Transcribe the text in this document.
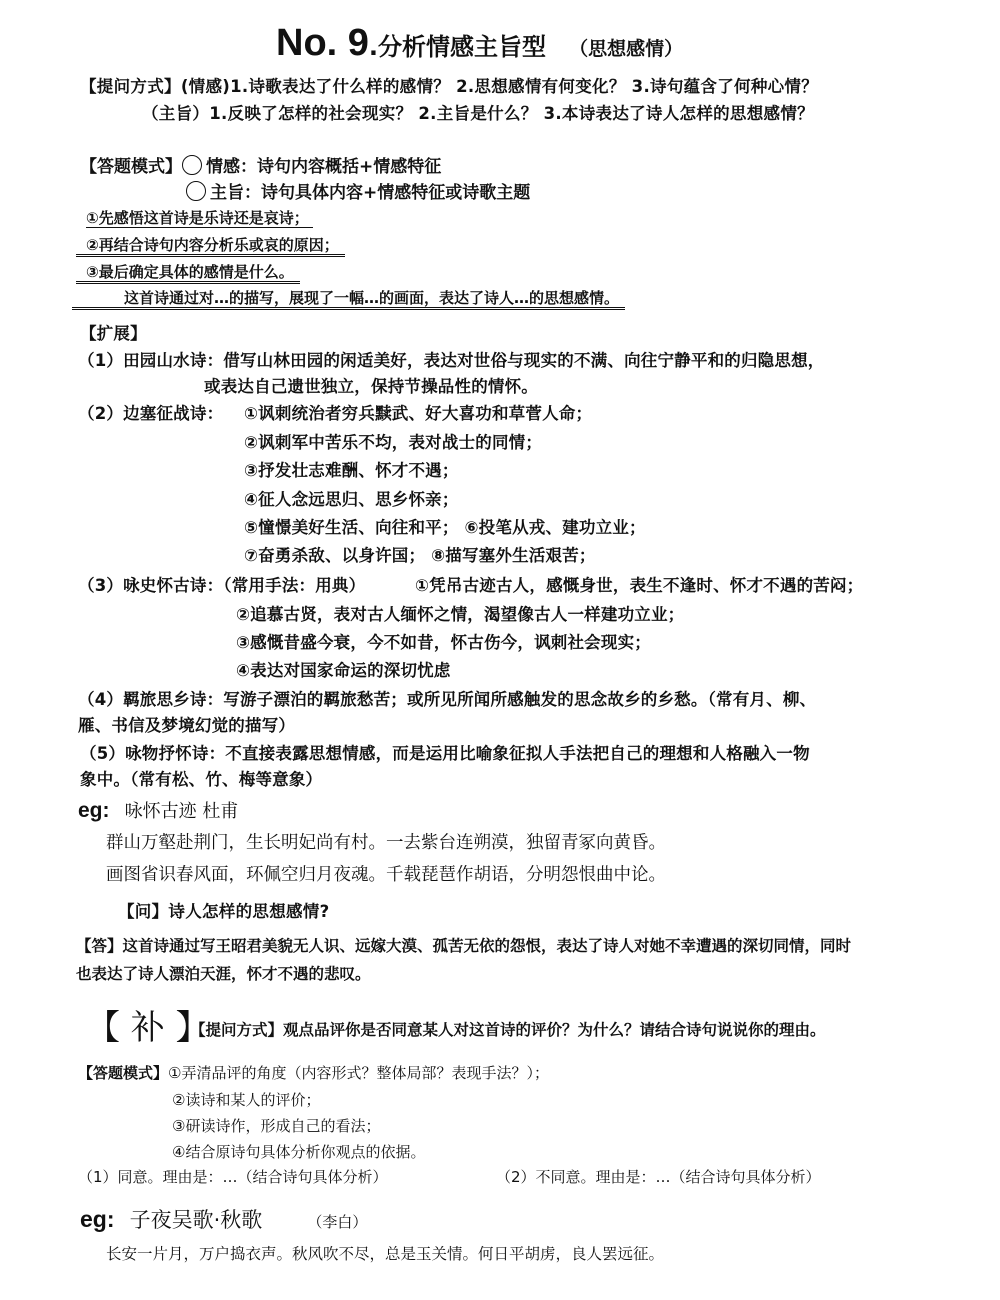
No. 9.分析情感主旨型 （思想感情）
【提问方式】(情感)1.诗歌表达了什么样的感情？ 2.思想感情有何变化？ 3.诗句蕴含了何种心情？
（主旨）1.反映了怎样的社会现实？ 2.主旨是什么？ 3.本诗表达了诗人怎样的思想感情？
【答题模式】 情感：诗句内容概括+情感特征
主旨：诗句具体内容+情感特征或诗歌主题
①先感悟这首诗是乐诗还是哀诗；
②再结合诗句内容分析乐或哀的原因；
③最后确定具体的感情是什么。
这首诗通过对…的描写，展现了一幅…的画面，表达了诗人…的思想感情。
【扩展】
（1）田园山水诗：借写山林田园的闲适美好，表达对世俗与现实的不满、向往宁静平和的归隐思想，
或表达自己遗世独立，保持节操品性的情怀。
（2）边塞征战诗： ①讽刺统治者穷兵黩武、好大喜功和草菅人命；
②讽刺军中苦乐不均，表对战士的同情；
③抒发壮志难酬、怀才不遇；
④征人念远思归、思乡怀亲；
⑤憧憬美好生活、向往和平； ⑥投笔从戎、建功立业；
⑦奋勇杀敌、以身许国； ⑧描写塞外生活艰苦；
（3）咏史怀古诗：（常用手法：用典）	①凭吊古迹古人，感慨身世，表生不逢时、怀才不遇的苦闷；
②追慕古贤，表对古人缅怀之情，渴望像古人一样建功立业；
③感慨昔盛今衰，今不如昔，怀古伤今，讽刺社会现实；
④表达对国家命运的深切忧虑
（4）羁旅思乡诗：写游子漂泊的羁旅愁苦；或所见所闻所感触发的思念故乡的乡愁。（常有月、柳、
雁、书信及梦境幻觉的描写）
（5）咏物抒怀诗：不直接表露思想情感，而是运用比喻象征拟人手法把自己的理想和人格融入一物
象中。（常有松、竹、梅等意象）
eg: 咏怀古迹 杜甫
群山万壑赴荆门，生长明妃尚有村。一去紫台连朔漠，独留青冢向黄昏。
画图省识春风面，环佩空归月夜魂。千载琵琶作胡语，分明怨恨曲中论。
【问】诗人怎样的思想感情?
【答】这首诗通过写王昭君美貌无人识、远嫁大漠、孤苦无依的怨恨，表达了诗人对她不幸遭遇的深切同情，同时
也表达了诗人漂泊天涯，怀才不遇的悲叹。
【 补 】
【提问方式】观点品评你是否同意某人对这首诗的评价？为什么？请结合诗句说说你的理由。
【答题模式】①弄清品评的角度（内容形式？整体局部？表现手法？）；
②读诗和某人的评价；
③研读诗作，形成自己的看法；
④结合原诗句具体分析你观点的依据。
（1）同意。理由是：…（结合诗句具体分析）	（2）不同意。理由是：…（结合诗句具体分析）
eg: 子夜吴歌·秋歌	（李白）
长安一片月，万户捣衣声。秋风吹不尽，总是玉关情。何日平胡虏，良人罢远征。
